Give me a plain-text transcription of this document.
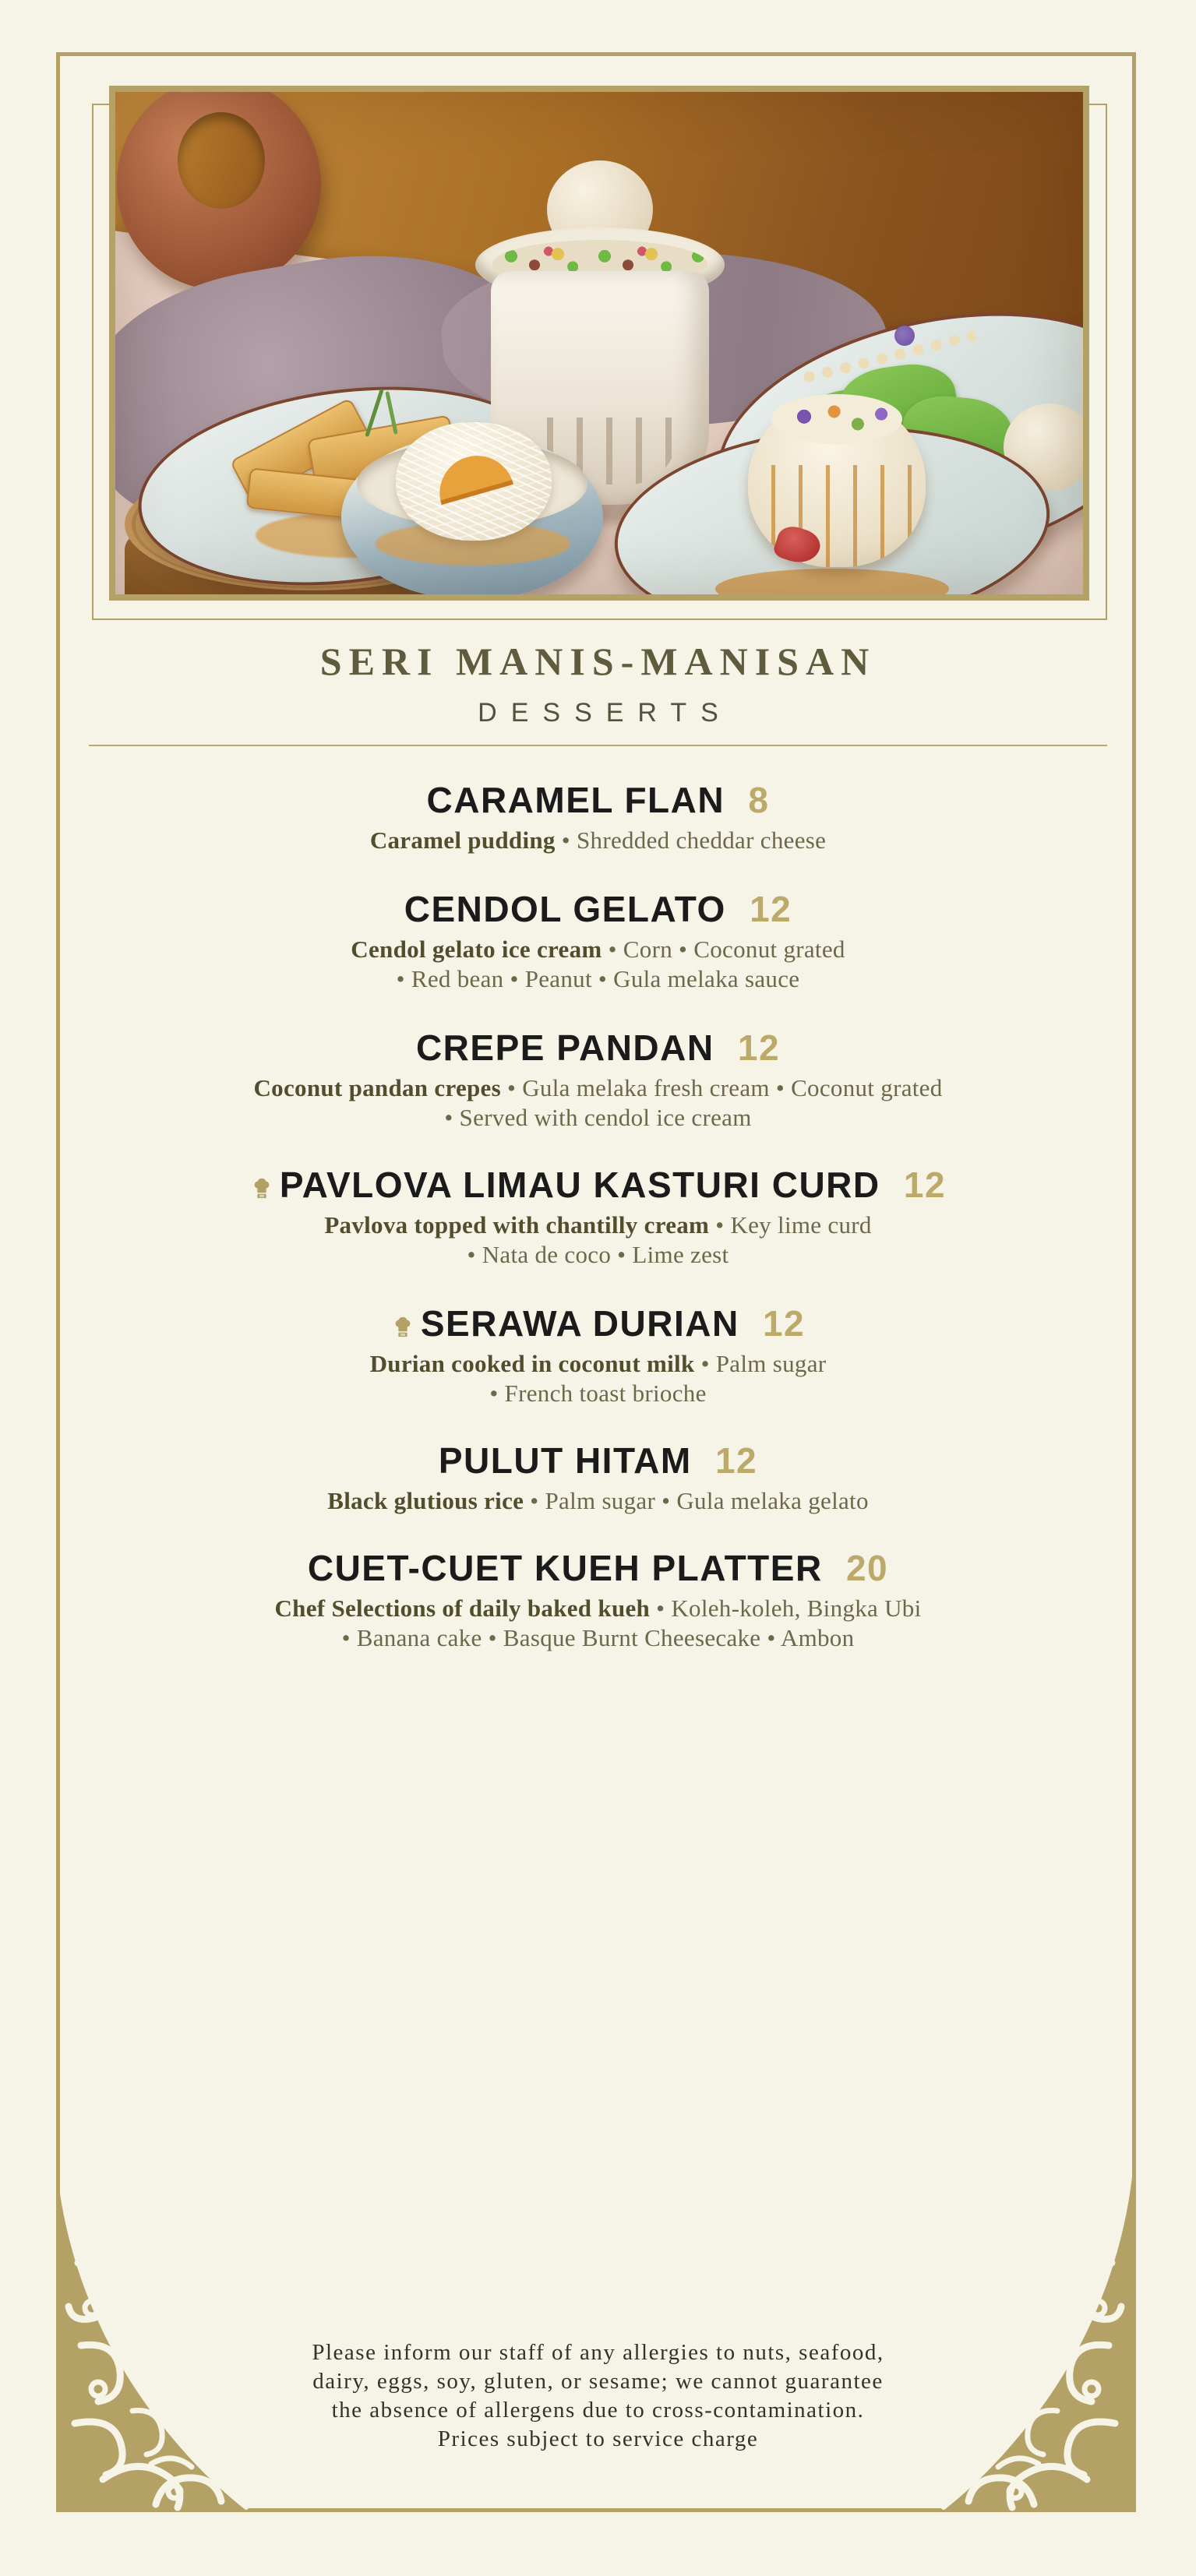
SERI MANIS-MANISAN
DESSERTS
CARAMEL FLAN 8
Caramel pudding • Shredded cheddar cheese
CENDOL GELATO 12
Cendol gelato ice cream • Corn • Coconut grated
• Red bean • Peanut • Gula melaka sauce
CREPE PANDAN 12
Coconut pandan crepes • Gula melaka fresh cream • Coconut grated
• Served with cendol ice cream
PAVLOVA LIMAU KASTURI CURD 12
Pavlova topped with chantilly cream • Key lime curd
• Nata de coco • Lime zest
SERAWA DURIAN 12
Durian cooked in coconut milk • Palm sugar
• French toast brioche
PULUT HITAM 12
Black glutious rice • Palm sugar • Gula melaka gelato
CUET-CUET KUEH PLATTER 20
Chef Selections of daily baked kueh • Koleh-koleh, Bingka Ubi
• Banana cake • Basque Burnt Cheesecake • Ambon
Please inform our staff of any allergies to nuts, seafood,
dairy, eggs, soy, gluten, or sesame; we cannot guarantee
the absence of allergens due to cross-contamination.
Prices subject to service charge
